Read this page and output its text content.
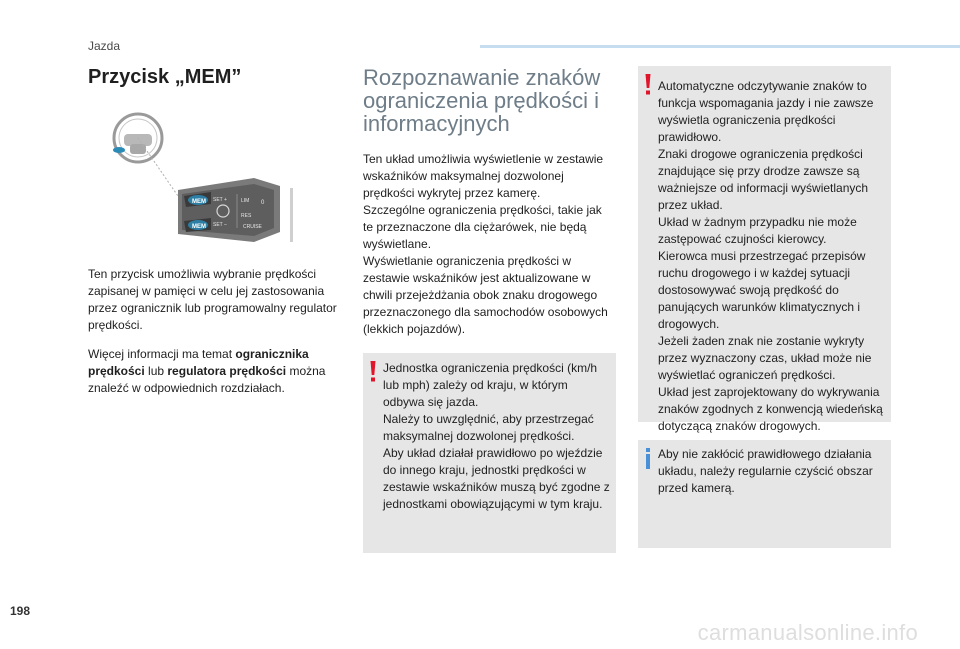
Jazda
Przycisk „MEM”
MEM
MEM
SET +
SET –
LIM
RES
CRUISE
0

Ten przycisk umożliwia wybranie prędkości zapisanej w pamięci w celu jej zastosowania przez ogranicznik lub programowalny regulator prędkości.

Więcej informacji ma temat ogranicznika prędkości lub regulatora prędkości można znaleźć w odpowiednich rozdziałach.

Rozpoznawanie znaków ograniczenia prędkości i informacyjnych

Ten układ umożliwia wyświetlenie w zestawie wskaźników maksymalnej dozwolonej prędkości wykrytej przez kamerę.
Szczególne ograniczenia prędkości, takie jak te przeznaczone dla ciężarówek, nie będą wyświetlane.
Wyświetlanie ograniczenia prędkości w zestawie wskaźników jest aktualizowane w chwili przejeżdżania obok znaku drogowego przeznaczonego dla samochodów osobowych (lekkich pojazdów).

Jednostka ograniczenia prędkości (km/h lub mph) zależy od kraju, w którym odbywa się jazda.
Należy to uwzględnić, aby przestrzegać maksymalnej dozwolonej prędkości.
Aby układ działał prawidłowo po wjeździe do innego kraju, jednostki prędkości w zestawie wskaźników muszą być zgodne z jednostkami obowiązującymi w tym kraju.

Automatyczne odczytywanie znaków to funkcja wspomagania jazdy i nie zawsze wyświetla ograniczenia prędkości prawidłowo.
Znaki drogowe ograniczenia prędkości znajdujące się przy drodze zawsze są ważniejsze od informacji wyświetlanych przez układ.
Układ w żadnym przypadku nie może zastępować czujności kierowcy.
Kierowca musi przestrzegać przepisów ruchu drogowego i w każdej sytuacji dostosowywać swoją prędkość do panujących warunków klimatycznych i drogowych.
Jeżeli żaden znak nie zostanie wykryty przez wyznaczony czas, układ może nie wyświetlać ograniczeń prędkości.
Układ jest zaprojektowany do wykrywania znaków zgodnych z konwencją wiedeńską dotyczącą znaków drogowych.

Aby nie zakłócić prawidłowego działania układu, należy regularnie czyścić obszar przed kamerą.

198
carmanualsonline.info
